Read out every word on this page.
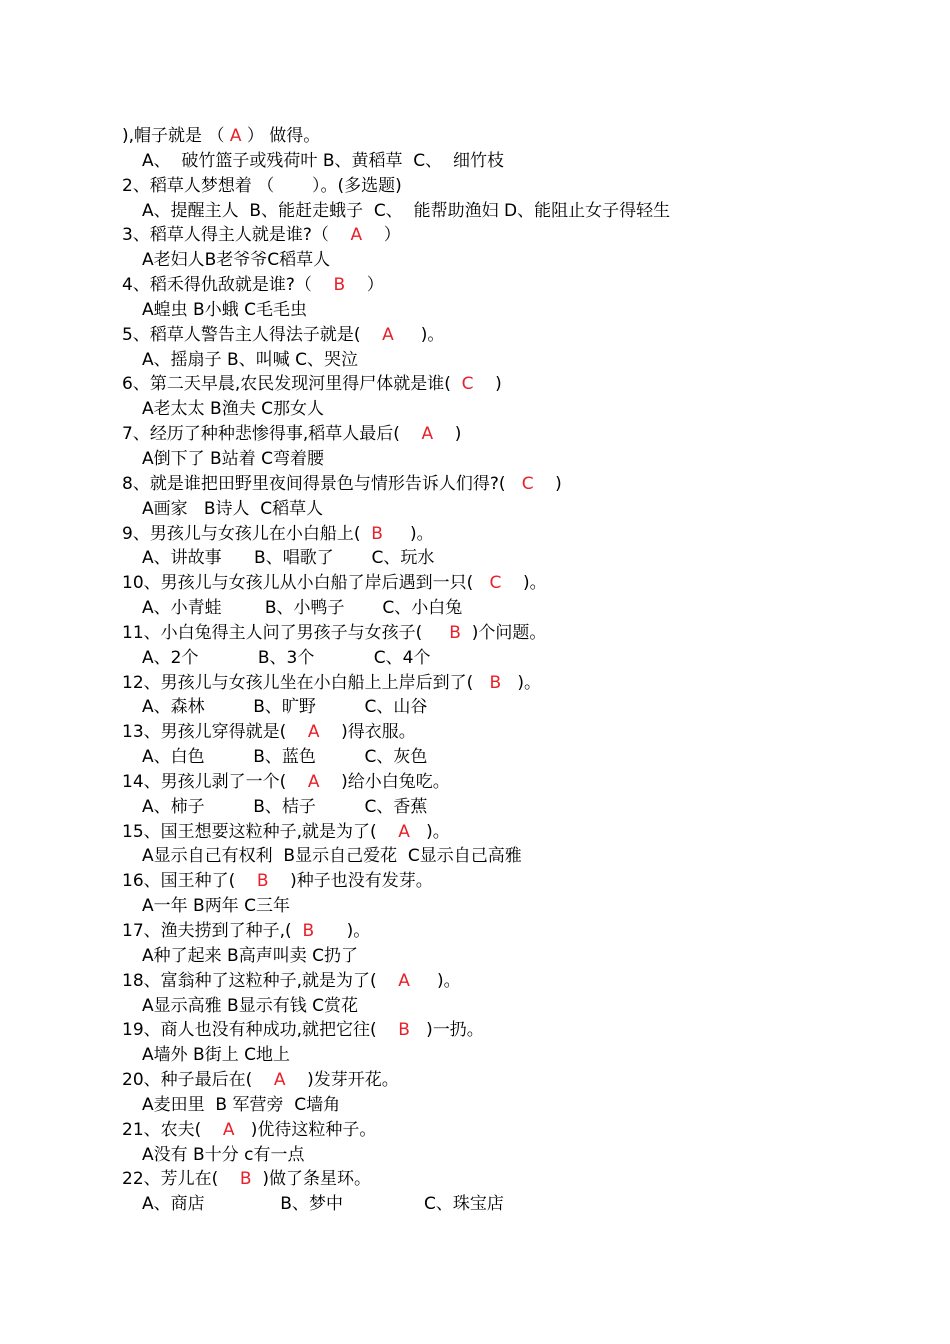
),帽子就是 （ A ） 做得。
A、  破竹篮子或残荷叶 B、黄稻草  C、  细竹枝
2、稻草人梦想着 （       ）。(多选题)
A、提醒主人  B、能赶走蛾子  C、  能帮助渔妇 D、能阻止女子得轻生
3、稻草人得主人就是谁?（    A    ）
A老妇人B老爷爷C稻草人
4、稻禾得仇敌就是谁?（    B    ）
A蝗虫 B小蛾 C毛毛虫
5、稻草人警告主人得法子就是(    A     )。
A、摇扇子 B、叫喊 C、哭泣
6、第二天早晨,农民发现河里得尸体就是谁(  C    )
A老太太 B渔夫 C那女人
7、经历了种种悲惨得事,稻草人最后(    A    )
A倒下了 B站着 C弯着腰
8、就是谁把田野里夜间得景色与情形告诉人们得?(   C    )
A画家   B诗人  C稻草人
9、男孩儿与女孩儿在小白船上(  B     )。
A、讲故事      B、唱歌了       C、玩水
10、男孩儿与女孩儿从小白船了岸后遇到一只(   C    )。
A、小青蛙        B、小鸭子       C、小白兔
11、小白兔得主人问了男孩子与女孩子(     B  )个问题。
A、2个           B、3个           C、4个
12、男孩儿与女孩儿坐在小白船上上岸后到了(   B   )。
A、森林         B、旷野         C、山谷
13、男孩儿穿得就是(    A    )得衣服。
A、白色         B、蓝色         C、灰色
14、男孩儿剥了一个(    A    )给小白兔吃。
A、柿子         B、桔子         C、香蕉
15、国王想要这粒种子,就是为了(    A   )。
A显示自己有权利  B显示自己爱花  C显示自己高雅
16、国王种了(    B    )种子也没有发芽。
A一年 B两年 C三年
17、渔夫捞到了种子,(  B      )。
A种了起来 B高声叫卖 C扔了
18、富翁种了这粒种子,就是为了(    A     )。
A显示高雅 B显示有钱 C赏花
19、商人也没有种成功,就把它往(    B   )一扔。
A墙外 B街上 C地上
20、种子最后在(    A    )发芽开花。
A麦田里  B 军营旁  C墙角
21、农夫(    A   )优待这粒种子。
A没有 B十分 c有一点
22、芳儿在(    B  )做了条星环。
A、商店              B、梦中               C、珠宝店
